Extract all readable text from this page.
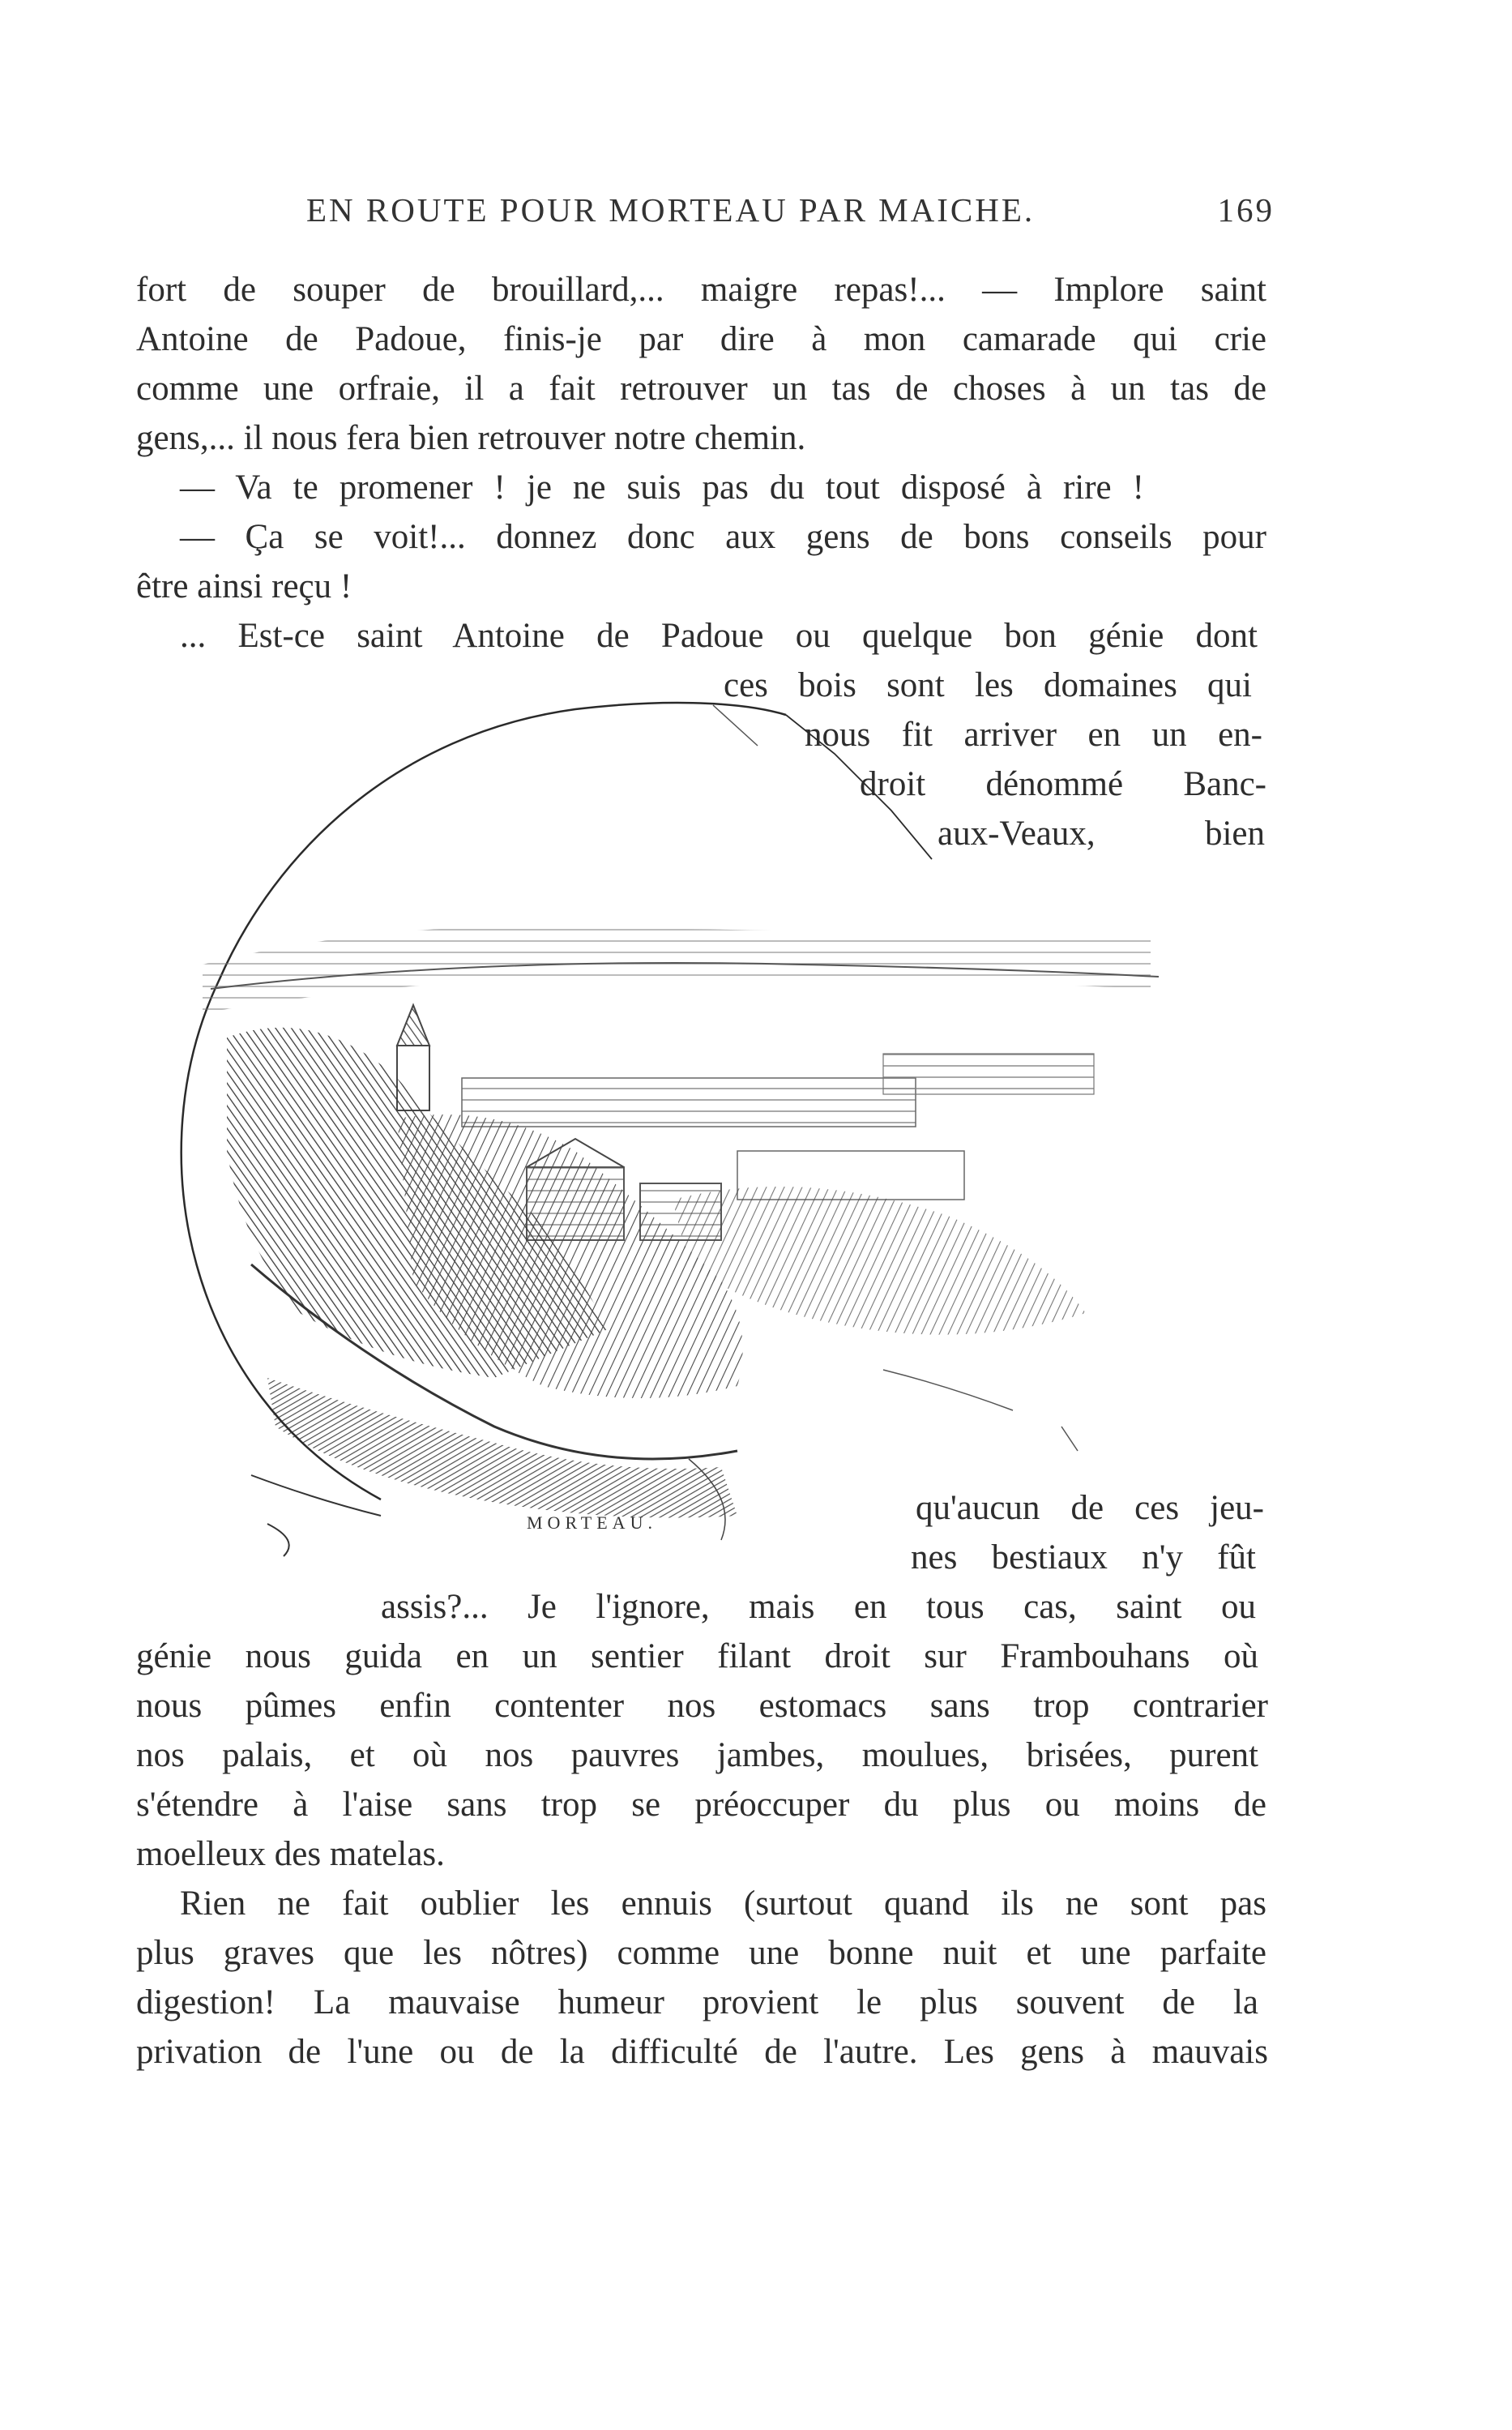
EN ROUTE POUR MORTEAU PAR MAICHE.	169
fort de souper de brouillard,... maigre repas!... — Implore saint
Antoine de Padoue, finis-je par dire à mon camarade qui crie
comme une orfraie, il a fait retrouver un tas de choses à un tas de
gens,... il nous fera bien retrouver notre chemin.
— Va te promener ! je ne suis pas du tout disposé à rire !
— Ça se voit!... donnez donc aux gens de bons conseils pour
être ainsi reçu !
... Est-ce saint Antoine de Padoue ou quelque bon génie dont
ces bois sont les domaines qui
nous fit arriver en un en-
droit dénommé Banc-
aux-Veaux, bien
MORTEAU.	qu'aucun de ces jeu-
nes bestiaux n'y fût
assis?... Je l'ignore, mais en tous cas, saint ou
génie nous guida en un sentier filant droit sur Frambouhans où
nous pûmes enfin contenter nos estomacs sans trop contrarier
nos palais, et où nos pauvres jambes, moulues, brisées, purent
s'étendre à l'aise sans trop se préoccuper du plus ou moins de
moelleux des matelas.
Rien ne fait oublier les ennuis (surtout quand ils ne sont pas
plus graves que les nôtres) comme une bonne nuit et une parfaite
digestion! La mauvaise humeur provient le plus souvent de la
privation de l'une ou de la difficulté de l'autre. Les gens à mauvais
